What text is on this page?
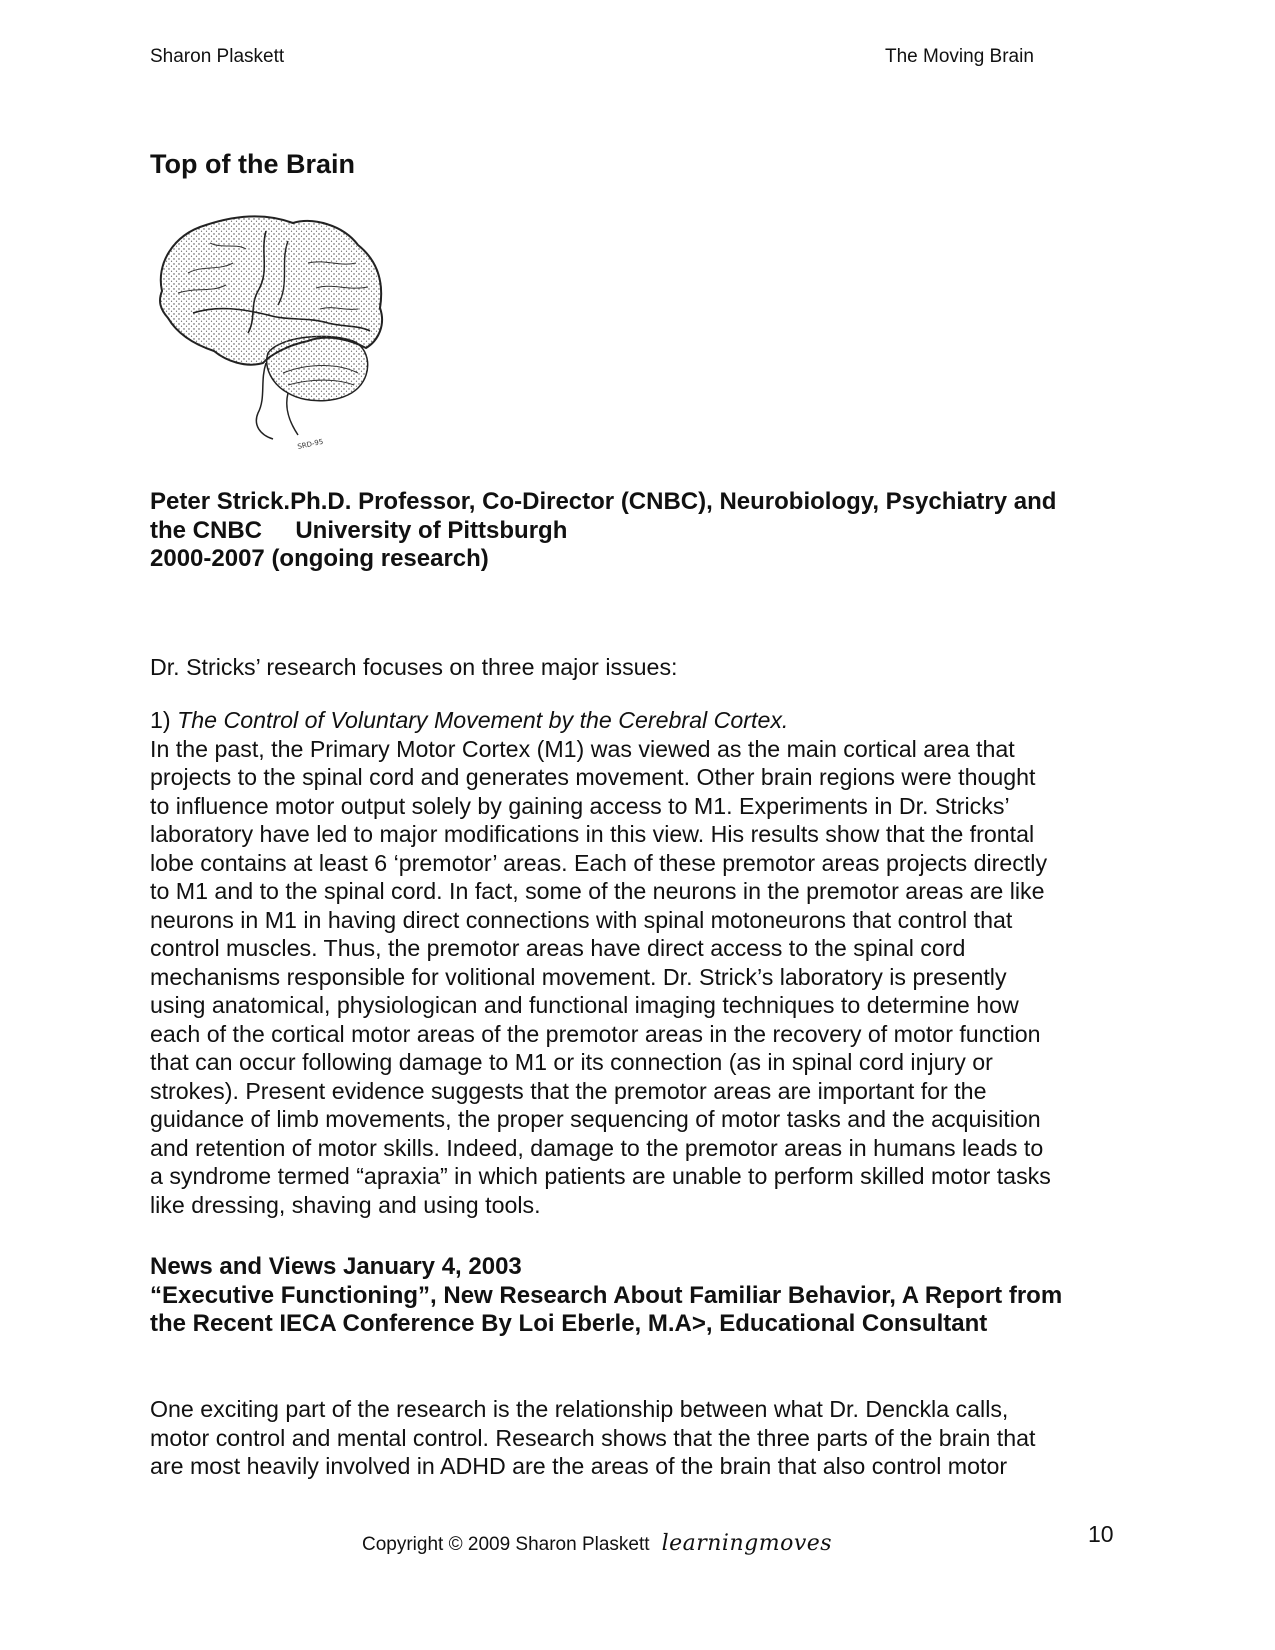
Sharon Plaskett	The Moving Brain
Top of the Brain
SRD-95
Peter Strick.Ph.D. Professor, Co-Director (CNBC), Neurobiology, Psychiatry and
the CNBC     University of Pittsburgh
2000-2007 (ongoing research)
Dr. Stricks’ research focuses on three major issues:
1) The Control of Voluntary Movement by the Cerebral Cortex.
In the past, the Primary Motor Cortex (M1) was viewed as the main cortical area that
projects to the spinal cord and generates movement. Other brain regions were thought
to influence motor output solely by gaining access to M1. Experiments in Dr. Stricks’
laboratory have led to major modifications in this view. His results show that the frontal
lobe contains at least 6 ‘premotor’ areas. Each of these premotor areas projects directly
to M1 and to the spinal cord. In fact, some of the neurons in the premotor areas are like
neurons in M1 in having direct connections with spinal motoneurons that control that
control muscles. Thus, the premotor areas have direct access to the spinal cord
mechanisms responsible for volitional movement. Dr. Strick’s laboratory is presently
using anatomical, physiologican and functional imaging techniques to determine how
each of the cortical motor areas of the premotor areas in the recovery of motor function
that can occur following damage to M1 or its connection (as in spinal cord injury or
strokes). Present evidence suggests that the premotor areas are important for the
guidance of limb movements, the proper sequencing of motor tasks and the acquisition
and retention of motor skills. Indeed, damage to the premotor areas in humans leads to
a syndrome termed “apraxia” in which patients are unable to perform skilled motor tasks
like dressing, shaving and using tools.
News and Views January 4, 2003
“Executive Functioning”, New Research About Familiar Behavior, A Report from
the Recent IECA Conference By Loi Eberle, M.A>, Educational Consultant
One exciting part of the research is the relationship between what Dr. Denckla calls,
motor control and mental control. Research shows that the three parts of the brain that
are most heavily involved in ADHD are the areas of the brain that also control motor
Copyright © 2009 Sharon Plaskett learningmoves	10
